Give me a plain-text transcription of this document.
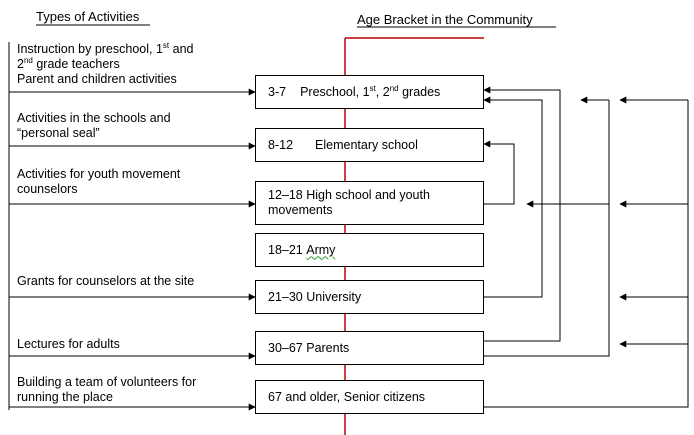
Types of Activities	Age Bracket in the Community
Instruction by preschool, 1st and
2nd grade teachers
Parent and children activities
Activities in the schools and
“personal seal”
Activities for youth movement
counselors
Grants for counselors at the site
Lectures for adults
Building a team of volunteers for
running the place
3-7 Preschool, 1st, 2nd grades
8-12 Elementary school
12–18 High school and youth
movements
18–21 Army
21–30 University
30–67 Parents
67 and older, Senior citizens
